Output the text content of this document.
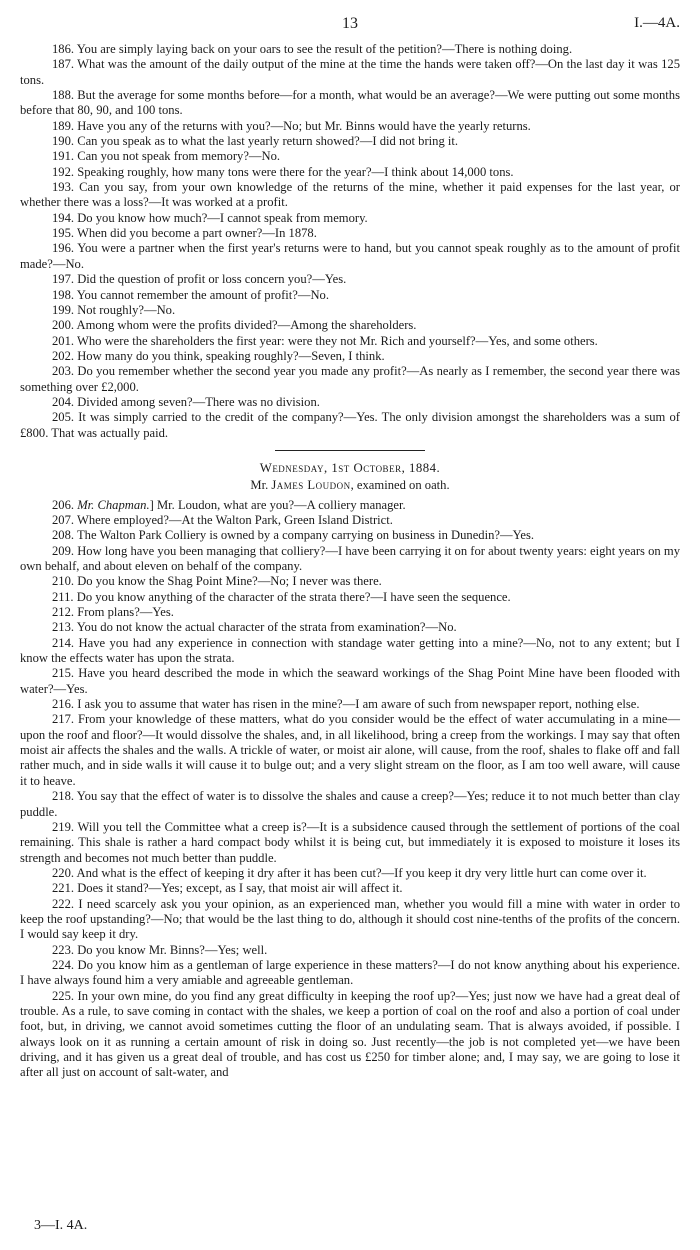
13	I.—4A.

186. You are simply laying back on your oars to see the result of the petition?—There is nothing doing.

187. What was the amount of the daily output of the mine at the time the hands were taken off?—On the last day it was 125 tons.

188. But the average for some months before—for a month, what would be an average?—We were putting out some months before that 80, 90, and 100 tons.

189. Have you any of the returns with you?—No; but Mr. Binns would have the yearly returns.

190. Can you speak as to what the last yearly return showed?—I did not bring it.

191. Can you not speak from memory?—No.

192. Speaking roughly, how many tons were there for the year?—I think about 14,000 tons.

193. Can you say, from your own knowledge of the returns of the mine, whether it paid expenses for the last year, or whether there was a loss?—It was worked at a profit.

194. Do you know how much?—I cannot speak from memory.

195. When did you become a part owner?—In 1878.

196. You were a partner when the first year's returns were to hand, but you cannot speak roughly as to the amount of profit made?—No.

197. Did the question of profit or loss concern you?—Yes.

198. You cannot remember the amount of profit?—No.

199. Not roughly?—No.

200. Among whom were the profits divided?—Among the shareholders.

201. Who were the shareholders the first year: were they not Mr. Rich and yourself?—Yes, and some others.

202. How many do you think, speaking roughly?—Seven, I think.

203. Do you remember whether the second year you made any profit?—As nearly as I remember, the second year there was something over £2,000.

204. Divided among seven?—There was no division.

205. It was simply carried to the credit of the company?—Yes. The only division amongst the shareholders was a sum of £800. That was actually paid.

Wednesday, 1st October, 1884.
Mr. James Loudon, examined on oath.

206. Mr. Chapman.] Mr. Loudon, what are you?—A colliery manager.

207. Where employed?—At the Walton Park, Green Island District.

208. The Walton Park Colliery is owned by a company carrying on business in Dunedin?—Yes.

209. How long have you been managing that colliery?—I have been carrying it on for about twenty years: eight years on my own behalf, and about eleven on behalf of the company.

210. Do you know the Shag Point Mine?—No; I never was there.

211. Do you know anything of the character of the strata there?—I have seen the sequence.

212. From plans?—Yes.

213. You do not know the actual character of the strata from examination?—No.

214. Have you had any experience in connection with standage water getting into a mine?—No, not to any extent; but I know the effects water has upon the strata.

215. Have you heard described the mode in which the seaward workings of the Shag Point Mine have been flooded with water?—Yes.

216. I ask you to assume that water has risen in the mine?—I am aware of such from newspaper report, nothing else.

217. From your knowledge of these matters, what do you consider would be the effect of water accumulating in a mine—upon the roof and floor?—It would dissolve the shales, and, in all likelihood, bring a creep from the workings. I may say that often moist air affects the shales and the walls. A trickle of water, or moist air alone, will cause, from the roof, shales to flake off and fall rather much, and in side walls it will cause it to bulge out; and a very slight stream on the floor, as I am too well aware, will cause it to heave.

218. You say that the effect of water is to dissolve the shales and cause a creep?—Yes; reduce it to not much better than clay puddle.

219. Will you tell the Committee what a creep is?—It is a subsidence caused through the settlement of portions of the coal remaining. This shale is rather a hard compact body whilst it is being cut, but immediately it is exposed to moisture it loses its strength and becomes not much better than puddle.

220. And what is the effect of keeping it dry after it has been cut?—If you keep it dry very little hurt can come over it.

221. Does it stand?—Yes; except, as I say, that moist air will affect it.

222. I need scarcely ask you your opinion, as an experienced man, whether you would fill a mine with water in order to keep the roof upstanding?—No; that would be the last thing to do, although it should cost nine-tenths of the profits of the concern. I would say keep it dry.

223. Do you know Mr. Binns?—Yes; well.

224. Do you know him as a gentleman of large experience in these matters?—I do not know anything about his experience. I have always found him a very amiable and agreeable gentleman.

225. In your own mine, do you find any great difficulty in keeping the roof up?—Yes; just now we have had a great deal of trouble. As a rule, to save coming in contact with the shales, we keep a portion of coal on the roof and also a portion of coal under foot, but, in driving, we cannot avoid sometimes cutting the floor of an undulating seam. That is always avoided, if possible. I always look on it as running a certain amount of risk in doing so. Just recently—the job is not completed yet—we have been driving, and it has given us a great deal of trouble, and has cost us £250 for timber alone; and, I may say, we are going to lose it after all just on account of salt-water, and

3—I. 4A.
